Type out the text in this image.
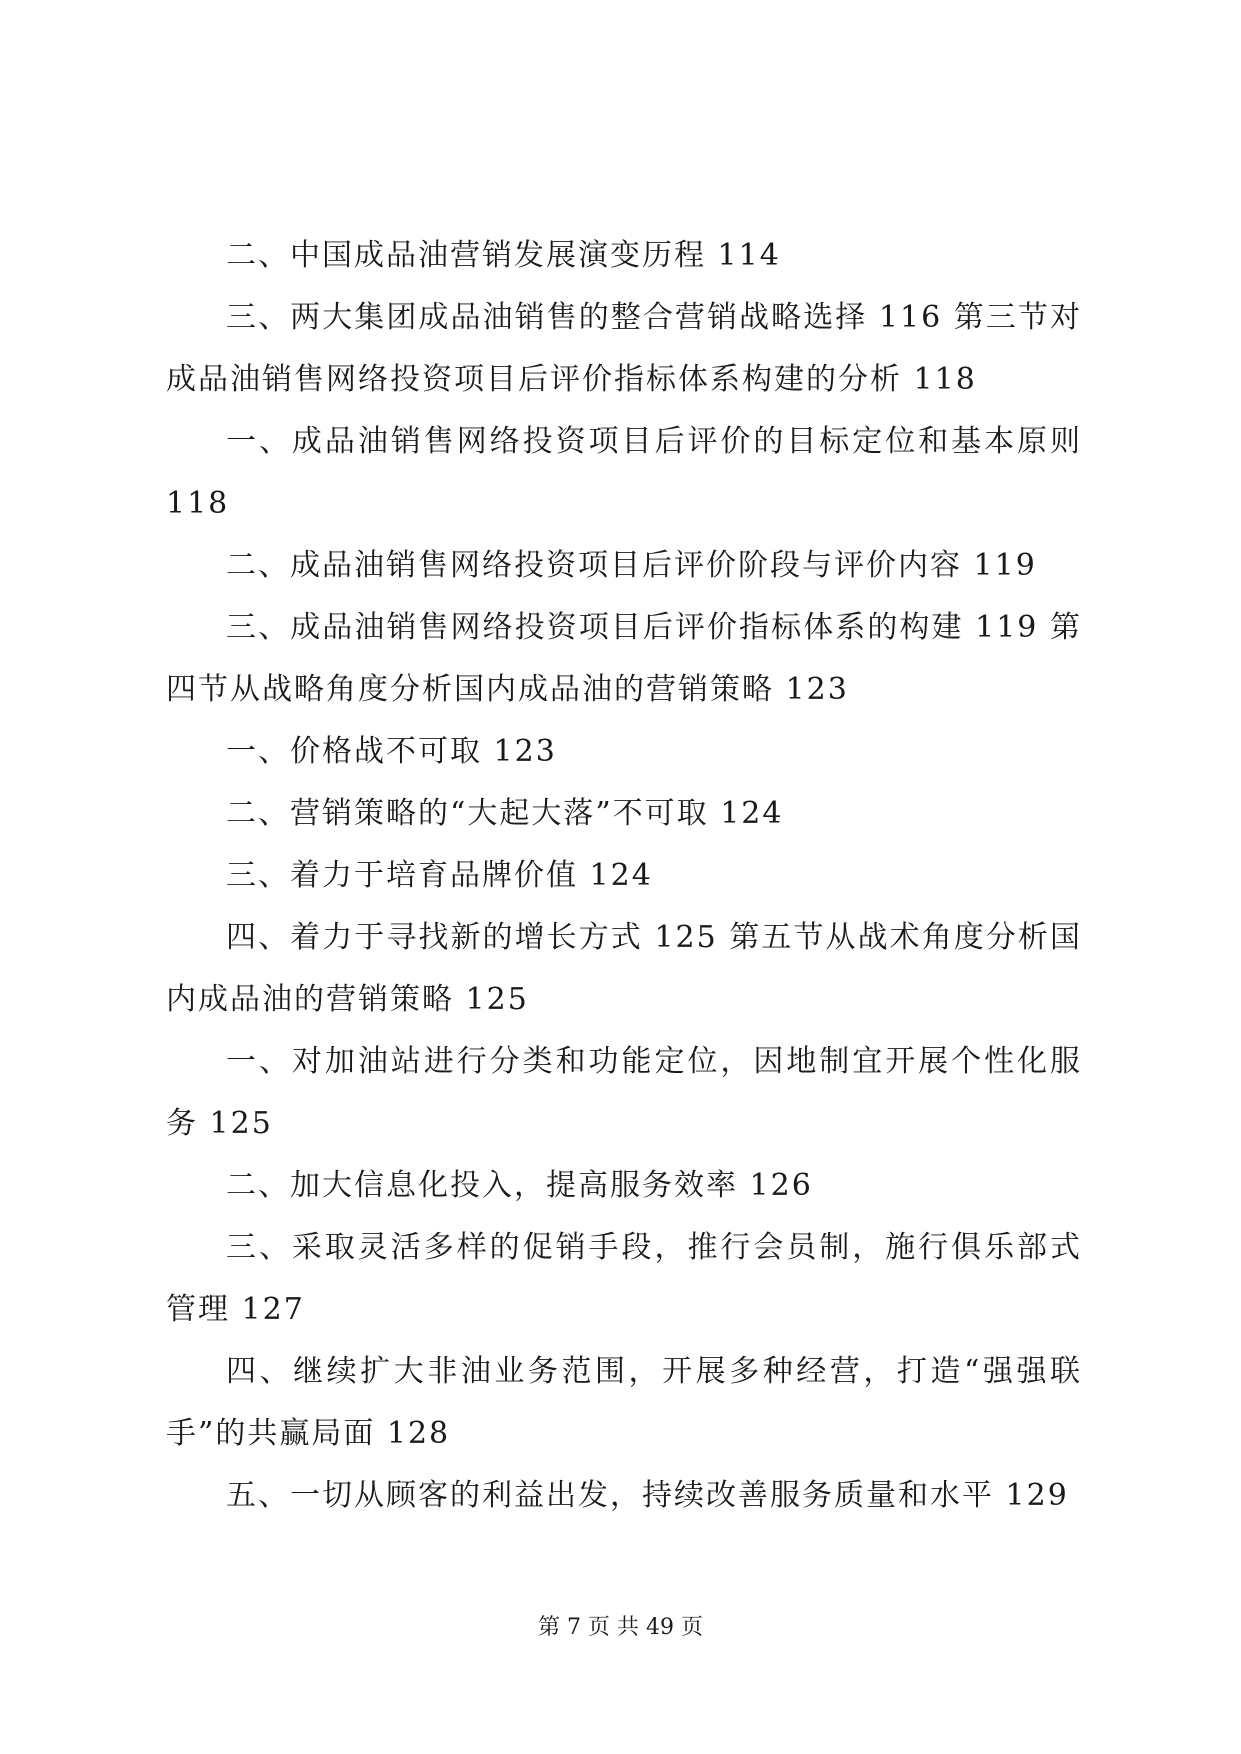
二、中国成品油营销发展演变历程 114

三、两大集团成品油销售的整合营销战略选择 116 第三节对成品油销售网络投资项目后评价指标体系构建的分析 118

一、成品油销售网络投资项目后评价的目标定位和基本原则 118

二、成品油销售网络投资项目后评价阶段与评价内容 119

三、成品油销售网络投资项目后评价指标体系的构建 119 第四节从战略角度分析国内成品油的营销策略 123

一、价格战不可取 123

二、营销策略的“大起大落”不可取 124

三、着力于培育品牌价值 124

四、着力于寻找新的增长方式 125 第五节从战术角度分析国内成品油的营销策略 125

一、对加油站进行分类和功能定位，因地制宜开展个性化服务 125

二、加大信息化投入，提高服务效率 126

三、采取灵活多样的促销手段，推行会员制，施行俱乐部式管理 127

四、继续扩大非油业务范围，开展多种经营，打造“强强联手”的共赢局面 128

五、一切从顾客的利益出发，持续改善服务质量和水平 129

第 7 页 共 49 页
